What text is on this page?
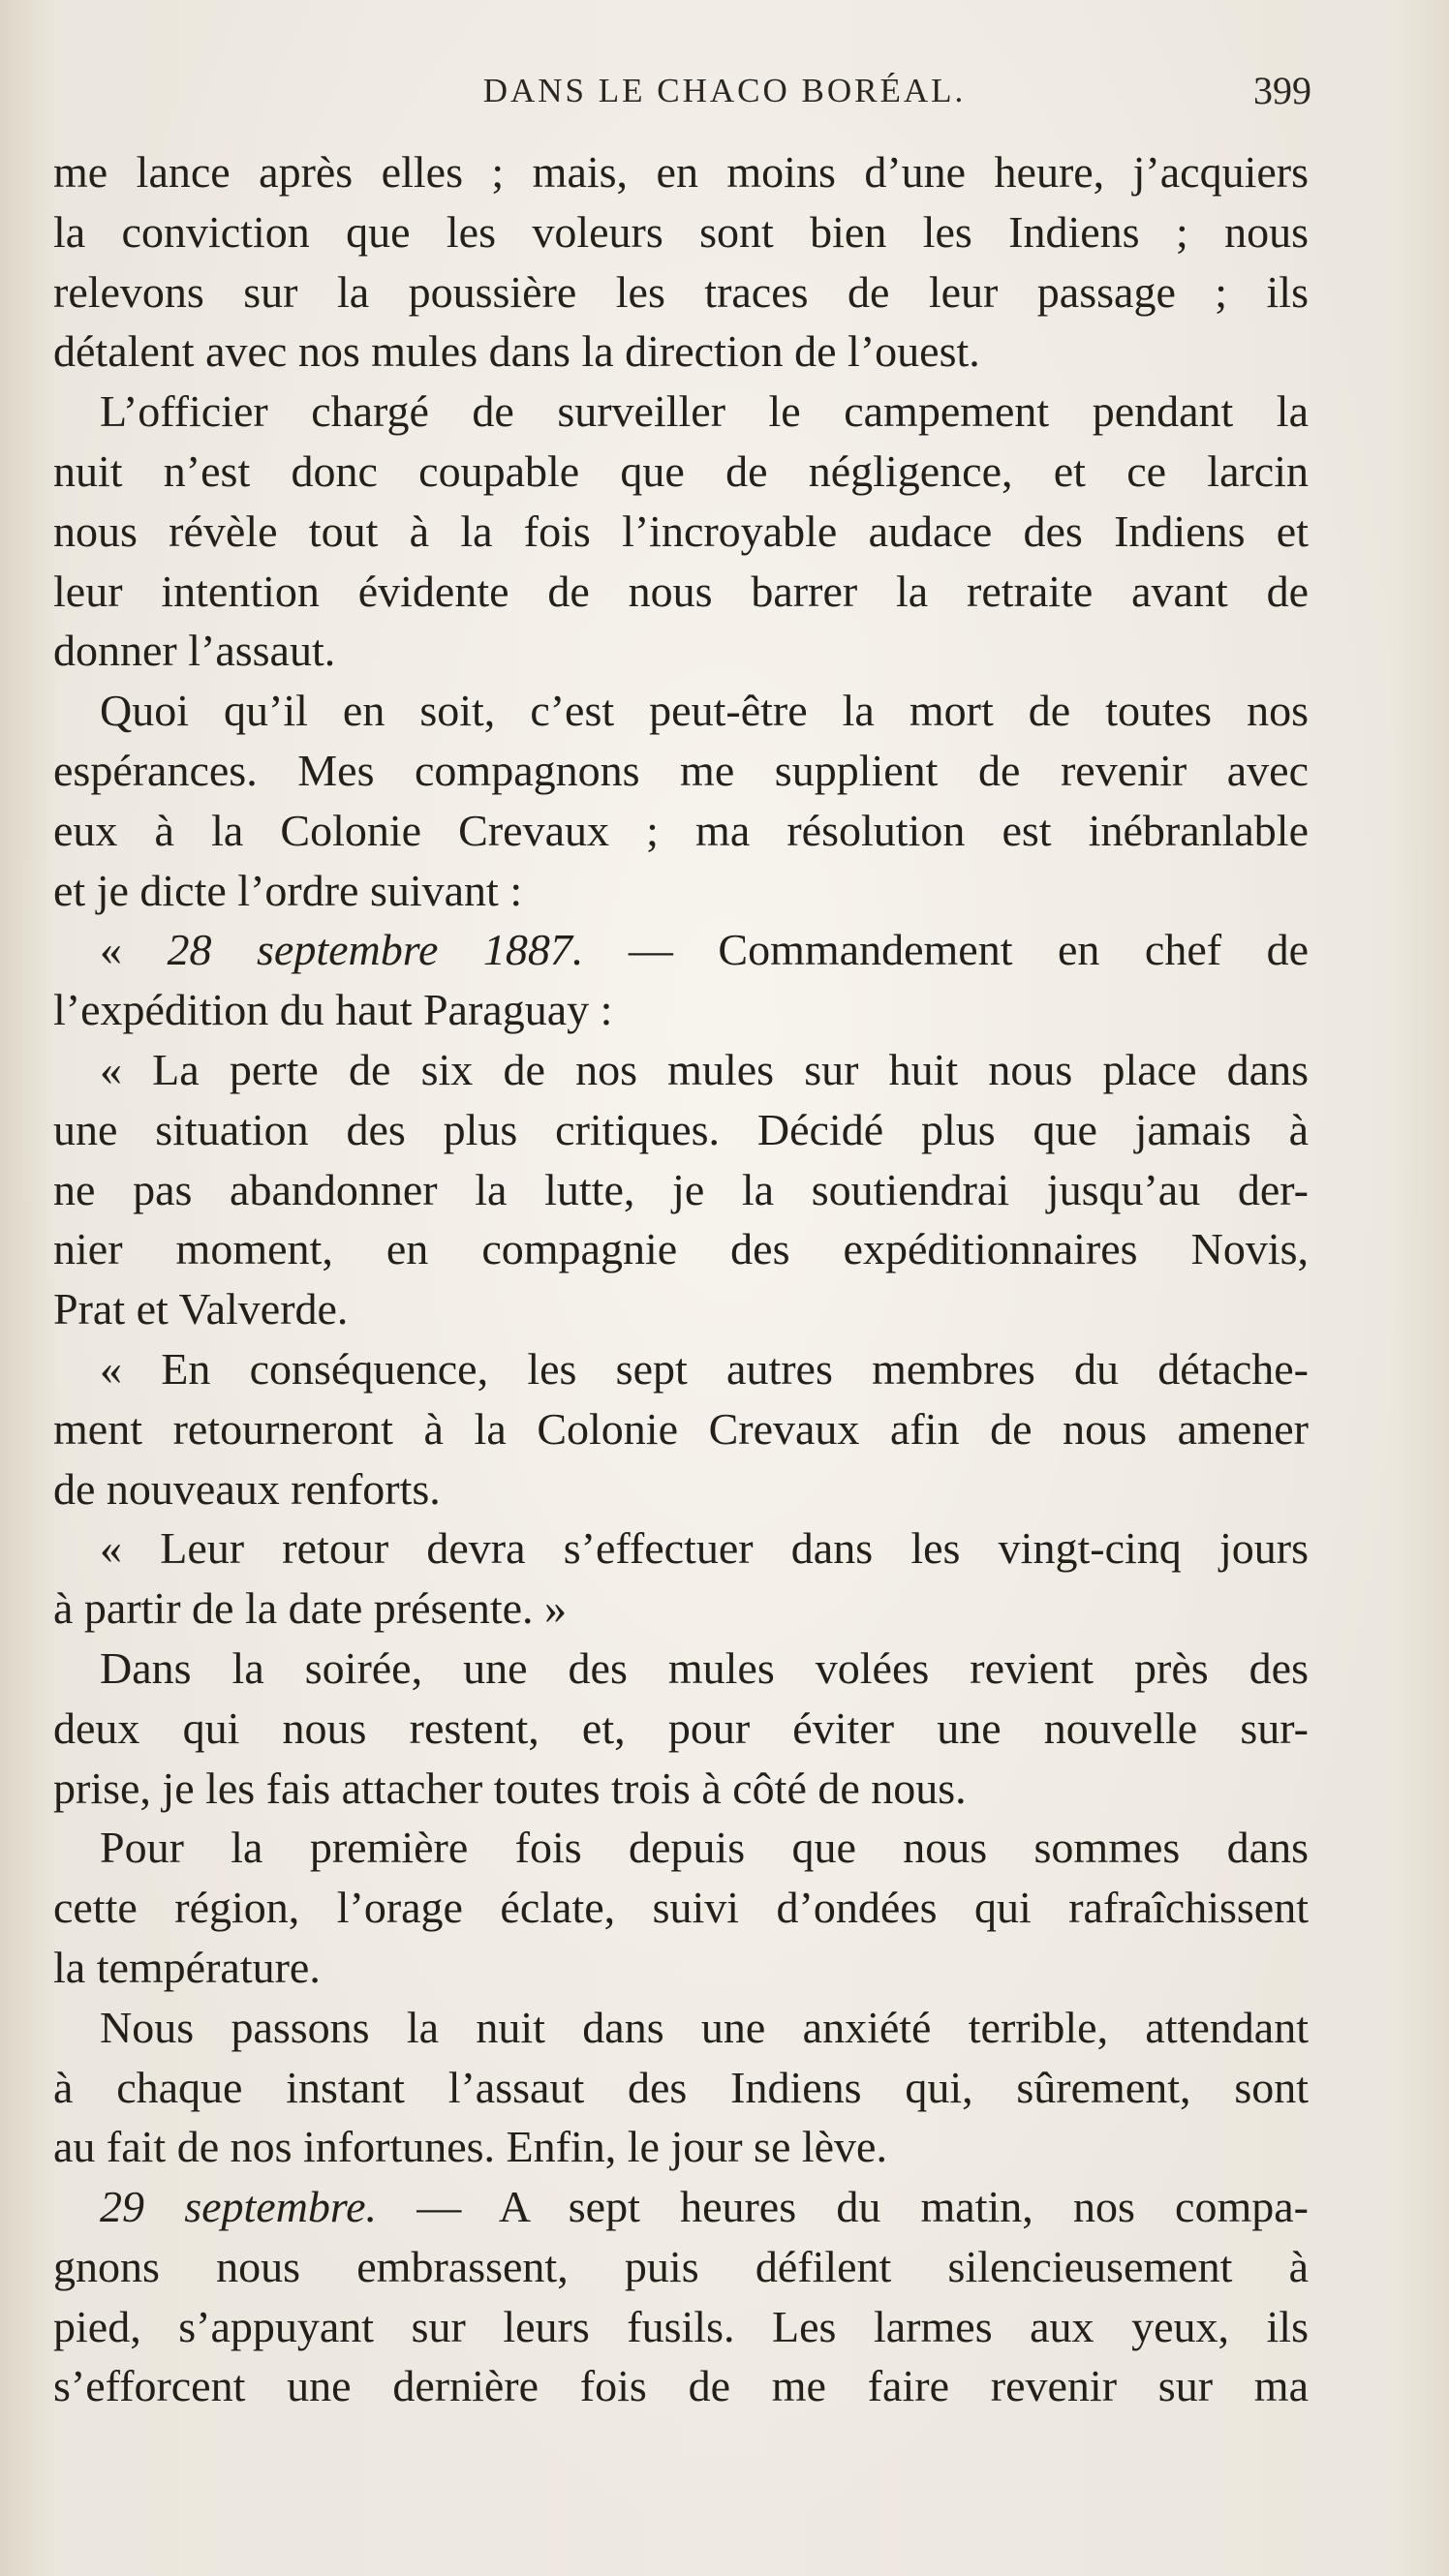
DANS LE CHACO BORÉAL.	399
me lance après elles ; mais, en moins d’une heure, j’acquiers
la conviction que les voleurs sont bien les Indiens ; nous
relevons sur la poussière les traces de leur passage ; ils
détalent avec nos mules dans la direction de l’ouest.
L’officier chargé de surveiller le campement pendant la
nuit n’est donc coupable que de négligence, et ce larcin
nous révèle tout à la fois l’incroyable audace des Indiens et
leur intention évidente de nous barrer la retraite avant de
donner l’assaut.
Quoi qu’il en soit, c’est peut-être la mort de toutes nos
espérances. Mes compagnons me supplient de revenir avec
eux à la Colonie Crevaux ; ma résolution est inébranlable
et je dicte l’ordre suivant :
« 28 septembre 1887. — Commandement en chef de
l’expédition du haut Paraguay :
« La perte de six de nos mules sur huit nous place dans
une situation des plus critiques. Décidé plus que jamais à
ne pas abandonner la lutte, je la soutiendrai jusqu’au der-
nier moment, en compagnie des expéditionnaires Novis,
Prat et Valverde.
« En conséquence, les sept autres membres du détache-
ment retourneront à la Colonie Crevaux afin de nous amener
de nouveaux renforts.
« Leur retour devra s’effectuer dans les vingt-cinq jours
à partir de la date présente. »
Dans la soirée, une des mules volées revient près des
deux qui nous restent, et, pour éviter une nouvelle sur-
prise, je les fais attacher toutes trois à côté de nous.
Pour la première fois depuis que nous sommes dans
cette région, l’orage éclate, suivi d’ondées qui rafraîchissent
la température.
Nous passons la nuit dans une anxiété terrible, attendant
à chaque instant l’assaut des Indiens qui, sûrement, sont
au fait de nos infortunes. Enfin, le jour se lève.
29 septembre. — A sept heures du matin, nos compa-
gnons nous embrassent, puis défilent silencieusement à
pied, s’appuyant sur leurs fusils. Les larmes aux yeux, ils
s’efforcent une dernière fois de me faire revenir sur ma
